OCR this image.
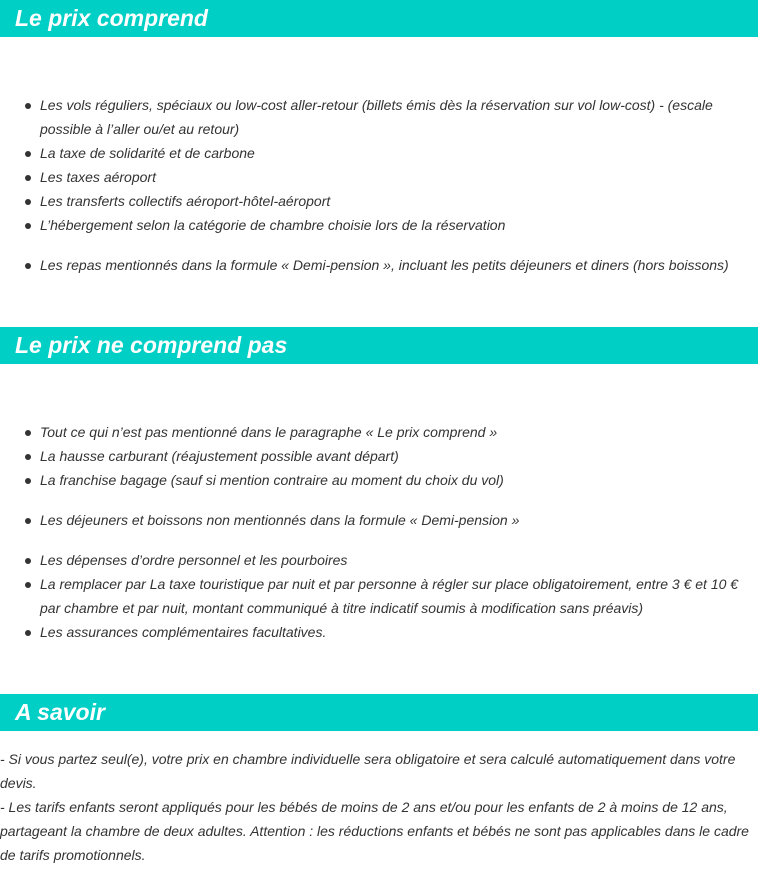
Le prix comprend
Les vols réguliers, spéciaux ou low-cost aller-retour (billets émis dès la réservation sur vol low-cost) - (escale possible à l’aller ou/et au retour)
La taxe de solidarité et de carbone
Les taxes aéroport
Les transferts collectifs aéroport-hôtel-aéroport
L’hébergement selon la catégorie de chambre choisie lors de la réservation
Les repas mentionnés dans la formule « Demi-pension », incluant les petits déjeuners et diners (hors boissons)
Le prix ne comprend pas
Tout ce qui n’est pas mentionné dans le paragraphe « Le prix comprend »
La hausse carburant (réajustement possible avant départ)
La franchise bagage (sauf si mention contraire au moment du choix du vol)
Les déjeuners et boissons non mentionnés dans la formule « Demi-pension »
Les dépenses d’ordre personnel et les pourboires
La remplacer par La taxe touristique par nuit et par personne à régler sur place obligatoirement, entre 3 € et 10 € par chambre et par nuit, montant communiqué à titre indicatif soumis à modification sans préavis)
Les assurances complémentaires facultatives.
A savoir

- Si vous partez seul(e), votre prix en chambre individuelle sera obligatoire et sera calculé automatiquement dans votre devis.

- Les tarifs enfants seront appliqués pour les bébés de moins de 2 ans et/ou pour les enfants de 2 à moins de 12 ans, partageant la chambre de deux adultes. Attention : les réductions enfants et bébés ne sont pas applicables dans le cadre de tarifs promotionnels.
